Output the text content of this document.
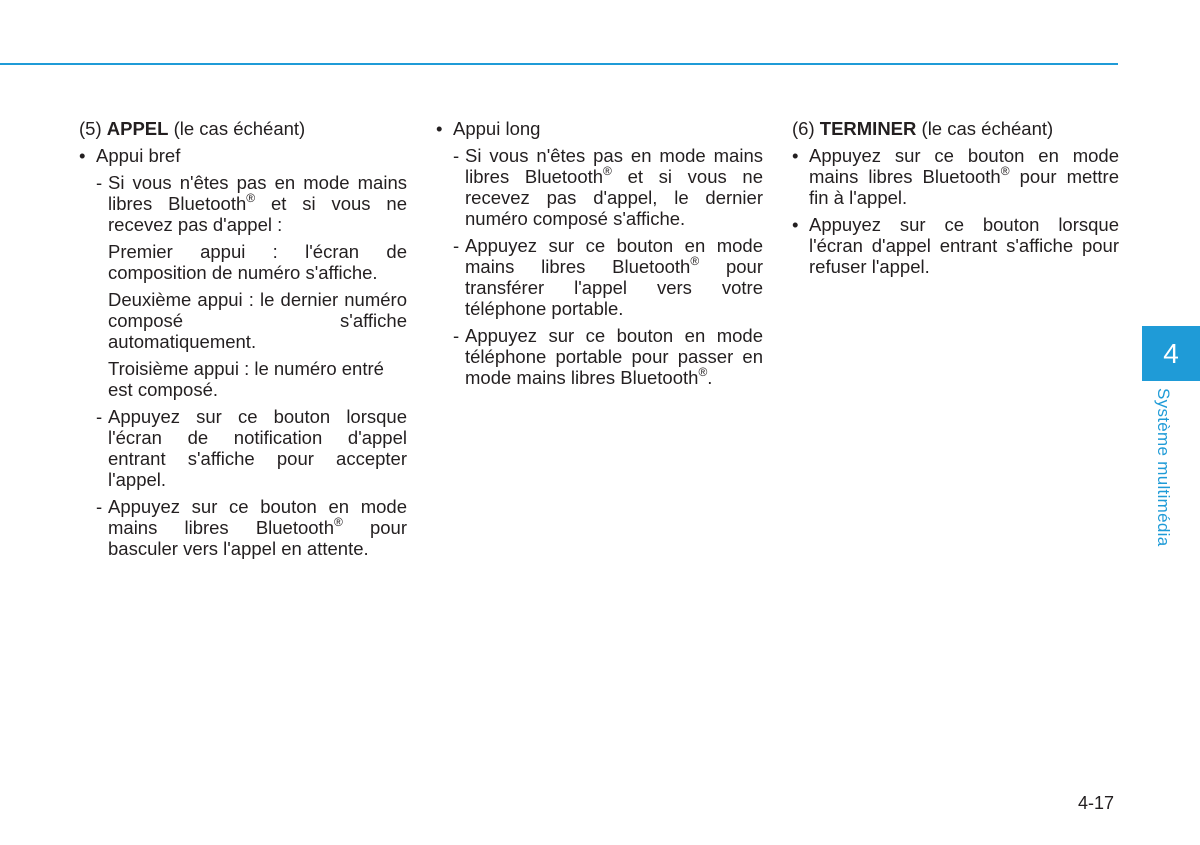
(5) APPEL (le cas échéant)
• Appui bref
- Si vous n'êtes pas en mode mains libres Bluetooth® et si vous ne recevez pas d'appel :
Premier appui : l'écran de composition de numéro s'affiche.
Deuxième appui : le dernier numéro composé s'affiche automatiquement.
Troisième appui : le numéro entré est composé.
- Appuyez sur ce bouton lorsque l'écran de notification d'appel entrant s'affiche pour accepter l'appel.
- Appuyez sur ce bouton en mode mains libres Bluetooth® pour basculer vers l'appel en attente.
• Appui long
- Si vous n'êtes pas en mode mains libres Bluetooth® et si vous ne recevez pas d'appel, le dernier numéro composé s'affiche.
- Appuyez sur ce bouton en mode mains libres Bluetooth® pour transférer l'appel vers votre téléphone portable.
- Appuyez sur ce bouton en mode téléphone portable pour passer en mode mains libres Bluetooth®.
(6) TERMINER (le cas échéant)
• Appuyez sur ce bouton en mode mains libres Bluetooth® pour mettre fin à l'appel.
• Appuyez sur ce bouton lorsque l'écran d'appel entrant s'affiche pour refuser l'appel.
4
Système multimédia
4-17
